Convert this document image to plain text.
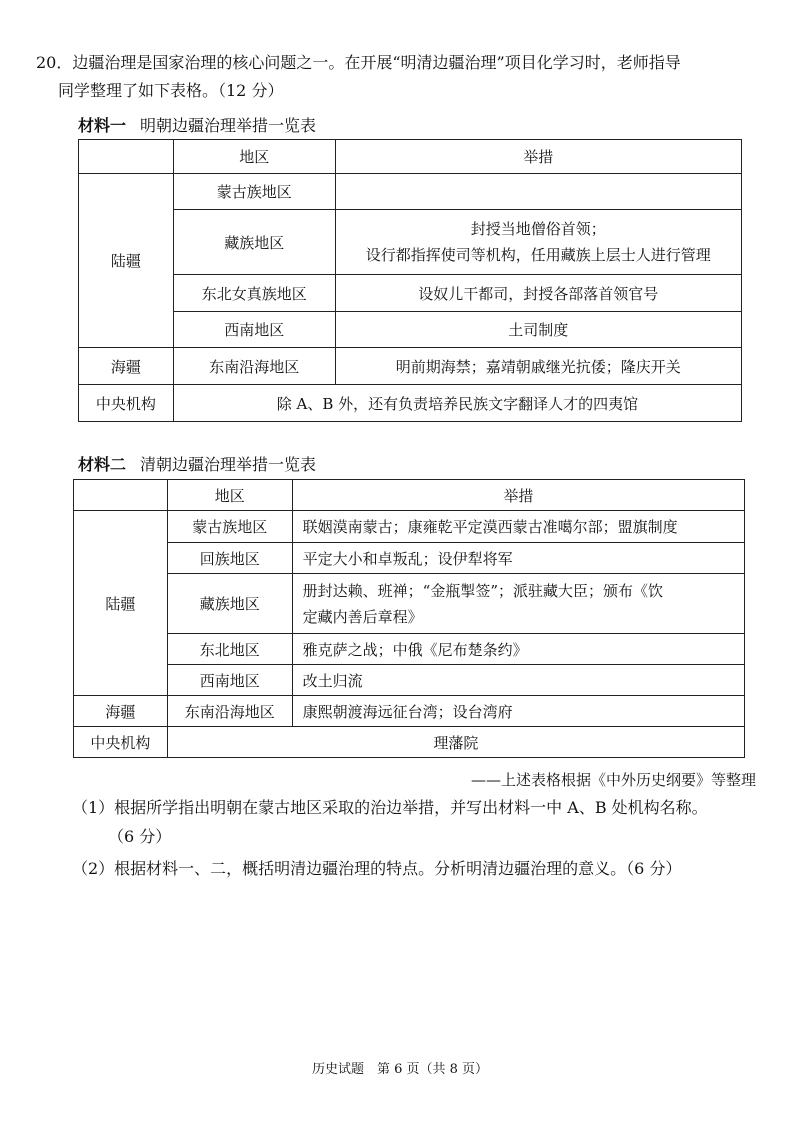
20．边疆治理是国家治理的核心问题之一。在开展“明清边疆治理”项目化学习时，老师指导
同学整理了如下表格。（12 分）
材料一 明朝边疆治理举措一览表
	地区	举措
陆疆	蒙古族地区	
	藏族地区	封授当地僧俗首领；
设行都指挥使司等机构，任用藏族上层士人进行管理

	东北女真族地区	设奴儿干都司，封授各部落首领官号
	西南地区	土司制度
海疆	东南沿海地区	明前期海禁；嘉靖朝戚继光抗倭；隆庆开关
中央机构	除 A、B 外，还有负责培养民族文字翻译人才的四夷馆	
材料二 清朝边疆治理举措一览表
	地区	举措
陆疆	蒙古族地区	联姻漠南蒙古；康雍乾平定漠西蒙古准噶尔部；盟旗制度
	回族地区	平定大小和卓叛乱；设伊犁将军
	藏族地区	册封达赖、班禅；“金瓶掣签”；派驻藏大臣；颁布《饮
定藏内善后章程》

	东北地区	雅克萨之战；中俄《尼布楚条约》
	西南地区	改土归流
海疆	东南沿海地区	康熙朝渡海远征台湾；设台湾府
中央机构	理藩院	
——上述表格根据《中外历史纲要》等整理
（1）根据所学指出明朝在蒙古地区采取的治边举措，并写出材料一中 A、B 处机构名称。
（6 分）
（2）根据材料一、二，概括明清边疆治理的特点。分析明清边疆治理的意义。（6 分）
历史试题　第 6 页（共 8 页）
